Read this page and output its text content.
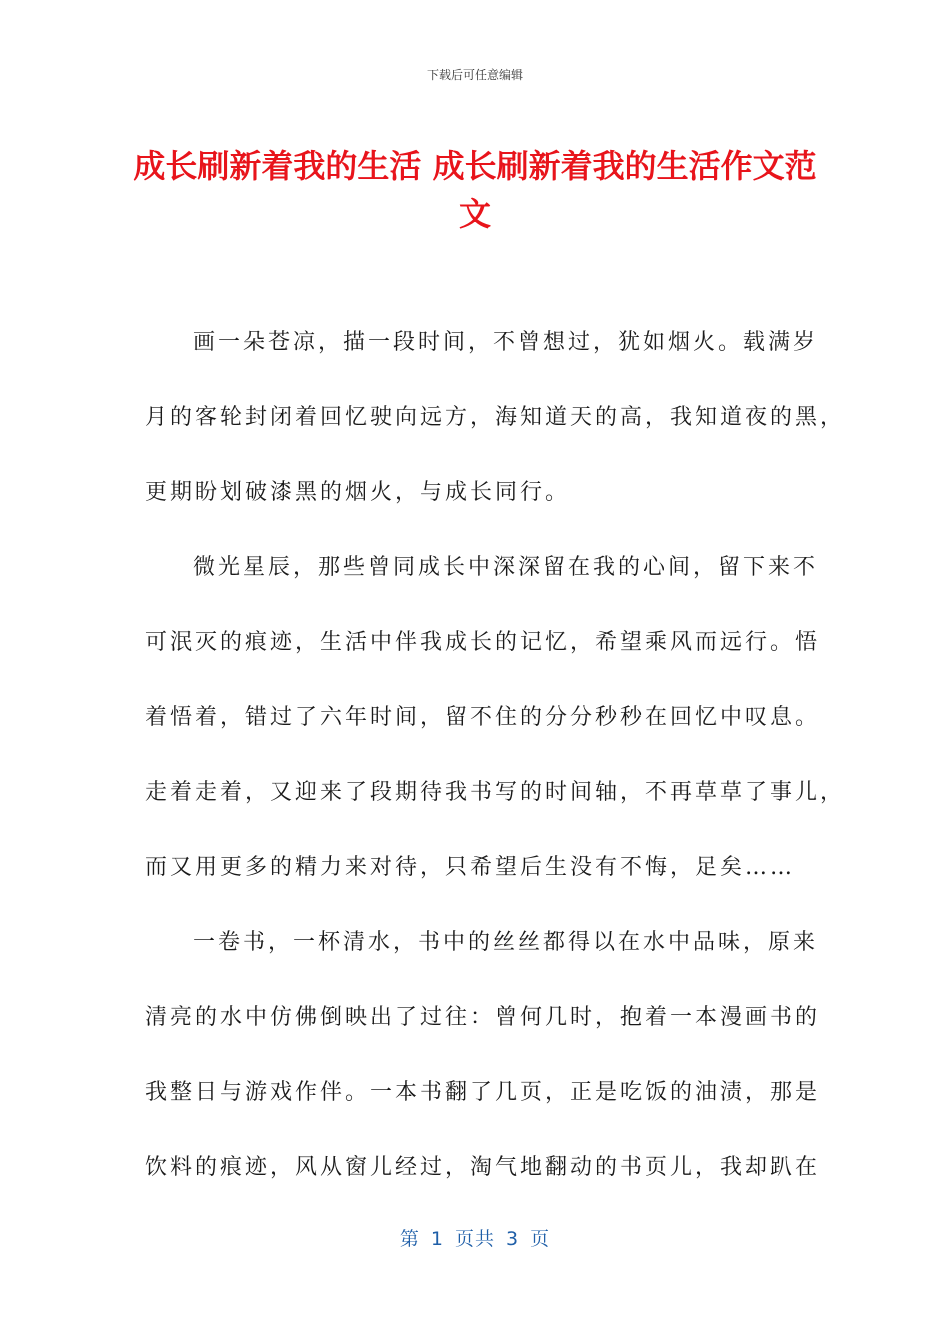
下载后可任意编辑
成长刷新着我的生活 成长刷新着我的生活作文范文
画一朵苍凉，描一段时间，不曾想过，犹如烟火。载满岁
月的客轮封闭着回忆驶向远方，海知道天的高，我知道夜的黑，
更期盼划破漆黑的烟火，与成长同行。
微光星辰，那些曾同成长中深深留在我的心间，留下来不
可泯灭的痕迹，生活中伴我成长的记忆，希望乘风而远行。悟
着悟着，错过了六年时间，留不住的分分秒秒在回忆中叹息。
走着走着，又迎来了段期待我书写的时间轴，不再草草了事儿，
而又用更多的精力来对待，只希望后生没有不悔，足矣……
一卷书，一杯清水，书中的丝丝都得以在水中品味，原来
清亮的水中仿佛倒映出了过往：曾何几时，抱着一本漫画书的
我整日与游戏作伴。一本书翻了几页，正是吃饭的油渍，那是
饮料的痕迹，风从窗儿经过，淘气地翻动的书页儿，我却趴在
第 1 页共 3 页
